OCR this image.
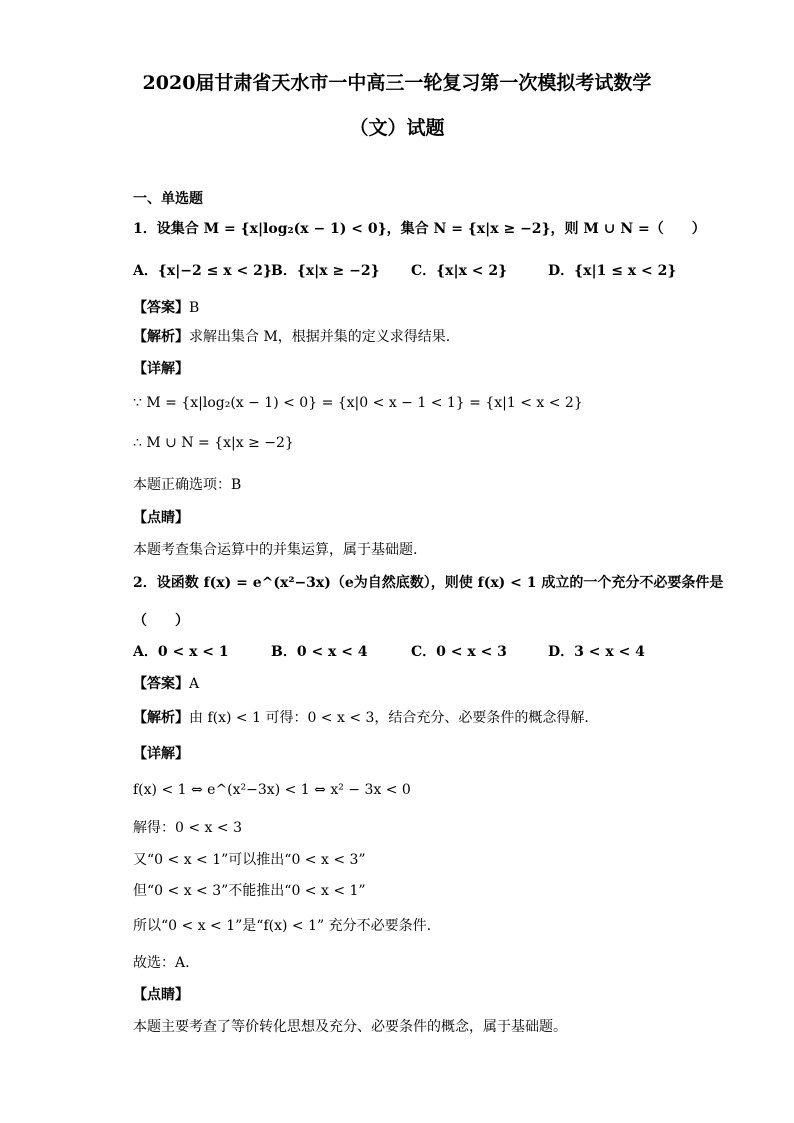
2020届甘肃省天水市一中高三一轮复习第一次模拟考试数学
（文）试题
一、单选题
1．设集合 M = {x|log₂(x − 1) < 0}，集合 N = {x|x ≥ −2}，则 M ∪ N =（　　）
A．{x|−2 ≤ x < 2} B．{x|x ≥ −2} C．{x|x < 2}	D．{x|1 ≤ x < 2}
【答案】B
【解析】求解出集合 M，根据并集的定义求得结果.
【详解】
∵ M = {x|log₂(x − 1) < 0} = {x|0 < x − 1 < 1} = {x|1 < x < 2}
∴ M ∪ N = {x|x ≥ −2}
本题正确选项：B
【点睛】
本题考查集合运算中的并集运算，属于基础题.
2．设函数 f(x) = e^(x²−3x)（e为自然底数），则使 f(x) < 1 成立的一个充分不必要条件是
（　　）
A．0 < x < 1	B．0 < x < 4	C．0 < x < 3	D．3 < x < 4
【答案】A
【解析】由 f(x) < 1 可得：0 < x < 3，结合充分、必要条件的概念得解.
【详解】
f(x) < 1 ⇔ e^(x²−3x) < 1 ⇔ x² − 3x < 0
解得：0 < x < 3
又“0 < x < 1”可以推出“0 < x < 3”
但“0 < x < 3”不能推出“0 < x < 1”
所以“0 < x < 1”是“f(x) < 1” 充分不必要条件.
故选：A.
【点睛】
本题主要考查了等价转化思想及充分、必要条件的概念，属于基础题。
